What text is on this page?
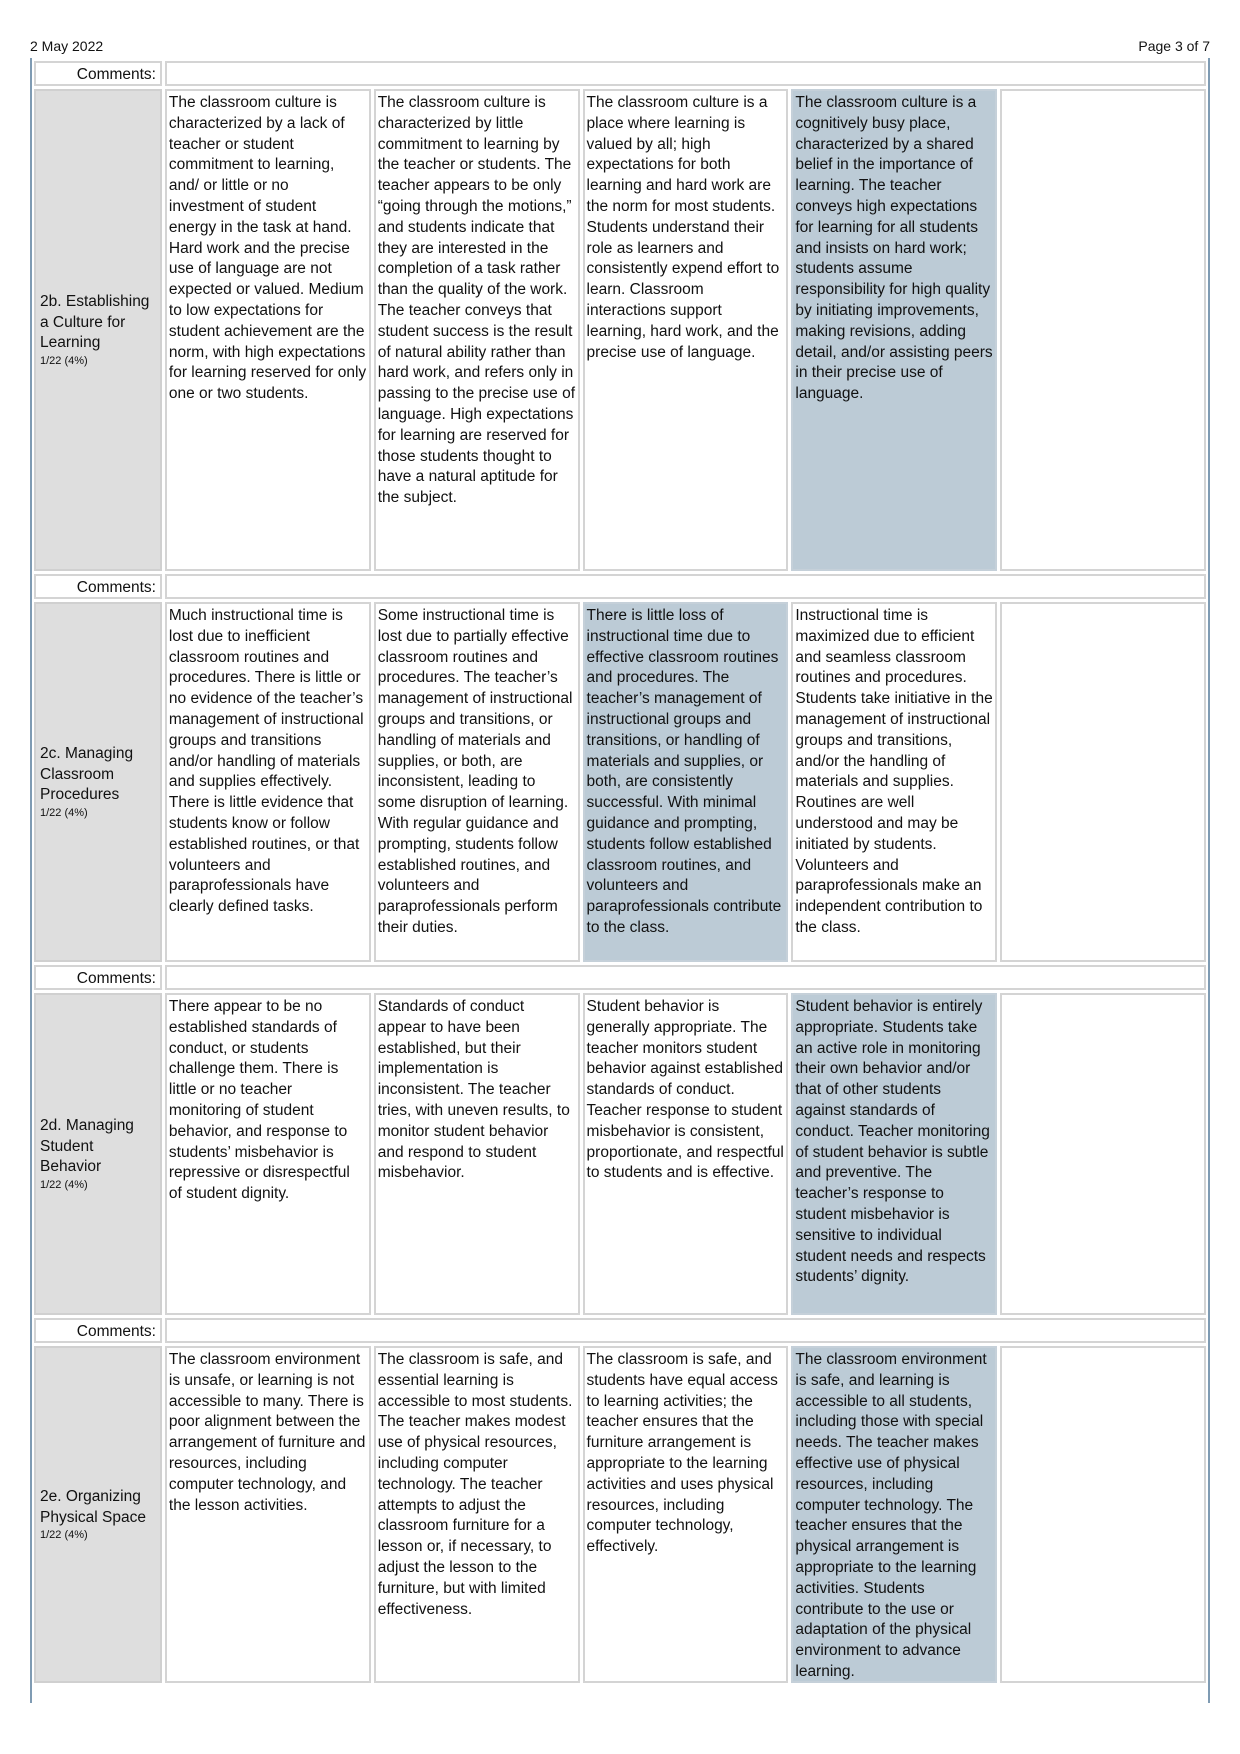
2 May 2022	Page 3 of 7
Comments:
2b. Establishing a Culture for Learning
1/22 (4%)
The classroom culture is characterized by a lack of teacher or student commitment to learning, and/ or little or no investment of student energy in the task at hand. Hard work and the precise use of language are not expected or valued. Medium to low expectations for student achievement are the norm, with high expectations for learning reserved for only one or two students.
The classroom culture is characterized by little commitment to learning by the teacher or students. The teacher appears to be only “going through the motions,” and students indicate that they are interested in the completion of a task rather than the quality of the work. The teacher conveys that student success is the result of natural ability rather than hard work, and refers only in passing to the precise use of language. High expectations for learning are reserved for those students thought to have a natural aptitude for the subject.
The classroom culture is a place where learning is valued by all; high expectations for both learning and hard work are the norm for most students. Students understand their role as learners and consistently expend effort to learn. Classroom interactions support learning, hard work, and the precise use of language.
The classroom culture is a cognitively busy place, characterized by a shared belief in the importance of learning. The teacher conveys high expectations for learning for all students and insists on hard work; students assume responsibility for high quality by initiating improvements, making revisions, adding detail, and/or assisting peers in their precise use of language.
Comments:
2c. Managing Classroom Procedures
1/22 (4%)
Much instructional time is lost due to inefficient classroom routines and procedures. There is little or no evidence of the teacher’s management of instructional groups and transitions and/or handling of materials and supplies effectively. There is little evidence that students know or follow established routines, or that volunteers and paraprofessionals have clearly defined tasks.
Some instructional time is lost due to partially effective classroom routines and procedures. The teacher’s management of instructional groups and transitions, or handling of materials and supplies, or both, are inconsistent, leading to some disruption of learning. With regular guidance and prompting, students follow established routines, and volunteers and paraprofessionals perform their duties.
There is little loss of instructional time due to effective classroom routines and procedures. The teacher’s management of instructional groups and transitions, or handling of materials and supplies, or both, are consistently successful. With minimal guidance and prompting, students follow established classroom routines, and volunteers and paraprofessionals contribute to the class.
Instructional time is maximized due to efficient and seamless classroom routines and procedures. Students take initiative in the management of instructional groups and transitions, and/or the handling of materials and supplies. Routines are well understood and may be initiated by students. Volunteers and paraprofessionals make an independent contribution to the class.
Comments:
2d. Managing Student Behavior
1/22 (4%)
There appear to be no established standards of conduct, or students challenge them. There is little or no teacher monitoring of student behavior, and response to students’ misbehavior is repressive or disrespectful of student dignity.
Standards of conduct appear to have been established, but their implementation is inconsistent. The teacher tries, with uneven results, to monitor student behavior and respond to student misbehavior.
Student behavior is generally appropriate. The teacher monitors student behavior against established standards of conduct. Teacher response to student misbehavior is consistent, proportionate, and respectful to students and is effective.
Student behavior is entirely appropriate. Students take an active role in monitoring their own behavior and/or that of other students against standards of conduct. Teacher monitoring of student behavior is subtle and preventive. The teacher’s response to student misbehavior is sensitive to individual student needs and respects students’ dignity.
Comments:
2e. Organizing Physical Space
1/22 (4%)
The classroom environment is unsafe, or learning is not accessible to many. There is poor alignment between the arrangement of furniture and resources, including computer technology, and the lesson activities.
The classroom is safe, and essential learning is accessible to most students. The teacher makes modest use of physical resources, including computer technology. The teacher attempts to adjust the classroom furniture for a lesson or, if necessary, to adjust the lesson to the furniture, but with limited effectiveness.
The classroom is safe, and students have equal access to learning activities; the teacher ensures that the furniture arrangement is appropriate to the learning activities and uses physical resources, including computer technology, effectively.
The classroom environment is safe, and learning is accessible to all students, including those with special needs. The teacher makes effective use of physical resources, including computer technology. The teacher ensures that the physical arrangement is appropriate to the learning activities. Students contribute to the use or adaptation of the physical environment to advance learning.
